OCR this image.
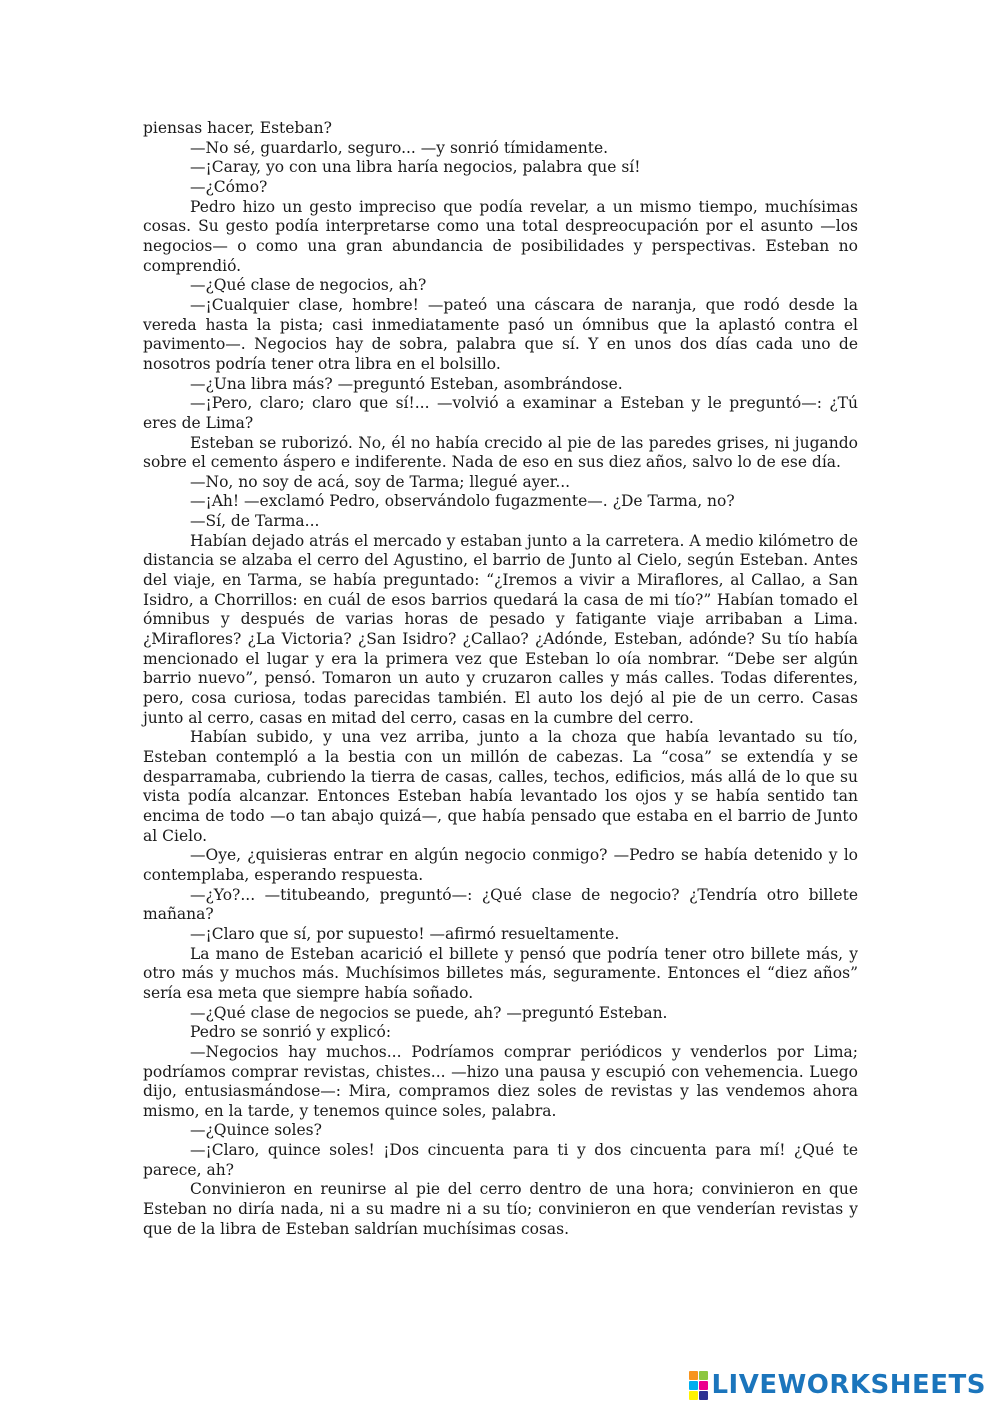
piensas hacer, Esteban?

—No sé, guardarlo, seguro... —y sonrió tímidamente.

—¡Caray, yo con una libra haría negocios, palabra que sí!

—¿Cómo?

Pedro hizo un gesto impreciso que podía revelar, a un mismo tiempo, muchísimas cosas. Su gesto podía interpretarse como una total despreocupación por el asunto —los negocios— o como una gran abundancia de posibilidades y perspectivas. Esteban no comprendió.

—¿Qué clase de negocios, ah?

—¡Cualquier clase, hombre! —pateó una cáscara de naranja, que rodó desde la vereda hasta la pista; casi inmediatamente pasó un ómnibus que la aplastó contra el pavimento—. Negocios hay de sobra, palabra que sí. Y en unos dos días cada uno de nosotros podría tener otra libra en el bolsillo.

—¿Una libra más? —preguntó Esteban, asombrándose.

—¡Pero, claro; claro que sí!... —volvió a examinar a Esteban y le preguntó—: ¿Tú eres de Lima?

Esteban se ruborizó. No, él no había crecido al pie de las paredes grises, ni jugando sobre el cemento áspero e indiferente. Nada de eso en sus diez años, salvo lo de ese día.

—No, no soy de acá, soy de Tarma; llegué ayer...

—¡Ah! —exclamó Pedro, observándolo fugazmente—. ¿De Tarma, no?

—Sí, de Tarma...

Habían dejado atrás el mercado y estaban junto a la carretera. A medio kilómetro de distancia se alzaba el cerro del Agustino, el barrio de Junto al Cielo, según Esteban. Antes del viaje, en Tarma, se había preguntado: “¿Iremos a vivir a Miraflores, al Callao, a San Isidro, a Chorrillos: en cuál de esos barrios quedará la casa de mi tío?” Habían tomado el ómnibus y después de varias horas de pesado y fatigante viaje arribaban a Lima. ¿Miraflores? ¿La Victoria? ¿San Isidro? ¿Callao? ¿Adónde, Esteban, adónde? Su tío había mencionado el lugar y era la primera vez que Esteban lo oía nombrar. “Debe ser algún barrio nuevo”, pensó. Tomaron un auto y cruzaron calles y más calles. Todas diferentes, pero, cosa curiosa, todas parecidas también. El auto los dejó al pie de un cerro. Casas junto al cerro, casas en mitad del cerro, casas en la cumbre del cerro.

Habían subido, y una vez arriba, junto a la choza que había levantado su tío, Esteban contempló a la bestia con un millón de cabezas. La “cosa” se extendía y se desparramaba, cubriendo la tierra de casas, calles, techos, edificios, más allá de lo que su vista podía alcanzar. Entonces Esteban había levantado los ojos y se había sentido tan encima de todo —o tan abajo quizá—, que había pensado que estaba en el barrio de Junto al Cielo.

—Oye, ¿quisieras entrar en algún negocio conmigo? —Pedro se había detenido y lo contemplaba, esperando respuesta.

—¿Yo?... —titubeando, preguntó—: ¿Qué clase de negocio? ¿Tendría otro billete mañana?

—¡Claro que sí, por supuesto! —afirmó resueltamente.

La mano de Esteban acarició el billete y pensó que podría tener otro billete más, y otro más y muchos más. Muchísimos billetes más, seguramente. Entonces el “diez años” sería esa meta que siempre había soñado.

—¿Qué clase de negocios se puede, ah? —preguntó Esteban.

Pedro se sonrió y explicó:

—Negocios hay muchos... Podríamos comprar periódicos y venderlos por Lima; podríamos comprar revistas, chistes... —hizo una pausa y escupió con vehemencia. Luego dijo, entusiasmándose—: Mira, compramos diez soles de revistas y las vendemos ahora mismo, en la tarde, y tenemos quince soles, palabra.

—¿Quince soles?

—¡Claro, quince soles! ¡Dos cincuenta para ti y dos cincuenta para mí! ¿Qué te parece, ah?

Convinieron en reunirse al pie del cerro dentro de una hora; convinieron en que Esteban no diría nada, ni a su madre ni a su tío; convinieron en que venderían revistas y que de la libra de Esteban saldrían muchísimas cosas.

LIVEWORKSHEETS
